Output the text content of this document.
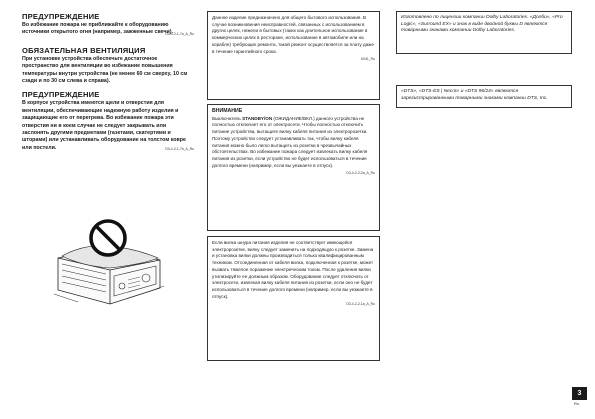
ПРЕДУПРЕЖДЕНИЕ
Во избежание пожара не приближайте к оборудованию источники открытого огня (например, зажженные свечи).
D3-4-2-1-7a_A_Ru
ОБЯЗАТЕЛЬНАЯ ВЕНТИЛЯЦИЯ
При установке устройства обеспечьте достаточное пространство для вентиляции во избежание повышения температуры внутри устройства (не менее 60 см сверху, 10 см сзади и по 30 см слева и справа).
ПРЕДУПРЕЖДЕНИЕ
В корпусе устройства имеются щели и отверстия для вентиляции, обеспечивающие надежную работу изделия и защищающие его от перегрева. Во избежание пожара эти отверстия ни в коем случае не следует закрывать или заслонять другими предметами (газетами, скатертями и шторами) или устанавливать оборудование на толстом ковре или постели.	D3-4-2-1-7b_A_Ru
Данное изделие предназначено для общего бытового использования. В случае возникновения неисправностей, связанных с использованием в других целях, нежели в бытовых (таких как длительное использование в коммерческих целях в ресторане, использование в автомобиле или на корабле) требующих ремонта, такой ремонт осуществляется за плату даже в течение гарантийного срока.
K041_Ru
ВНИМАНИЕ
Выключатель STANDBY/ON (ОЖИДАНИЕ/ВКЛ.) данного устройства не полностью отключает его от электросети. Чтобы полностью отключить питание устройства, вытащите вилку кабеля питания из электророзетки. Поэтому устройство следует устанавливать так, чтобы вилку кабеля питания можно было легко вытащить из розетки в чрезвычайных обстоятельствах. Во избежание пожара следует извлекать вилку кабеля питания из розетки, если устройство не будет использоваться в течение долгого времени (например, если вы уезжаете в отпуск).
D3-4-2-2-2a_A_Ru
Если вилка шнура питания изделия не соответствует имеющейся электророзетке, вилку следует заменить на подходящую к розетке. Замена и установка вилки должны производиться только квалифицированным техником. Отсоединенная от кабеля вилка, подключенная к розетке, может вызвать тяжелое поражение электрическим током. После удаления вилки утилизируйте ее должным образом. Оборудование следует отключать от электросети, извлекая вилку кабеля питания из розетки, если оно не будет использоваться в течение долгого времени (например, если вы уезжаете в отпуск).
D3-4-2-2-1a_A_Ru
Изготовлено по лицензии компании Dolby Laboratories. «Долби», «Pro Logic», «Surround EX» и знак в виде двойной буквы D являются товарными знаками компании Dolby Laboratories.
«DTS», «DTS-ES | Neo:6» и «DTS 96/24» являются зарегистрированными товарными знаками компании DTS, Inc.
3
Ru
